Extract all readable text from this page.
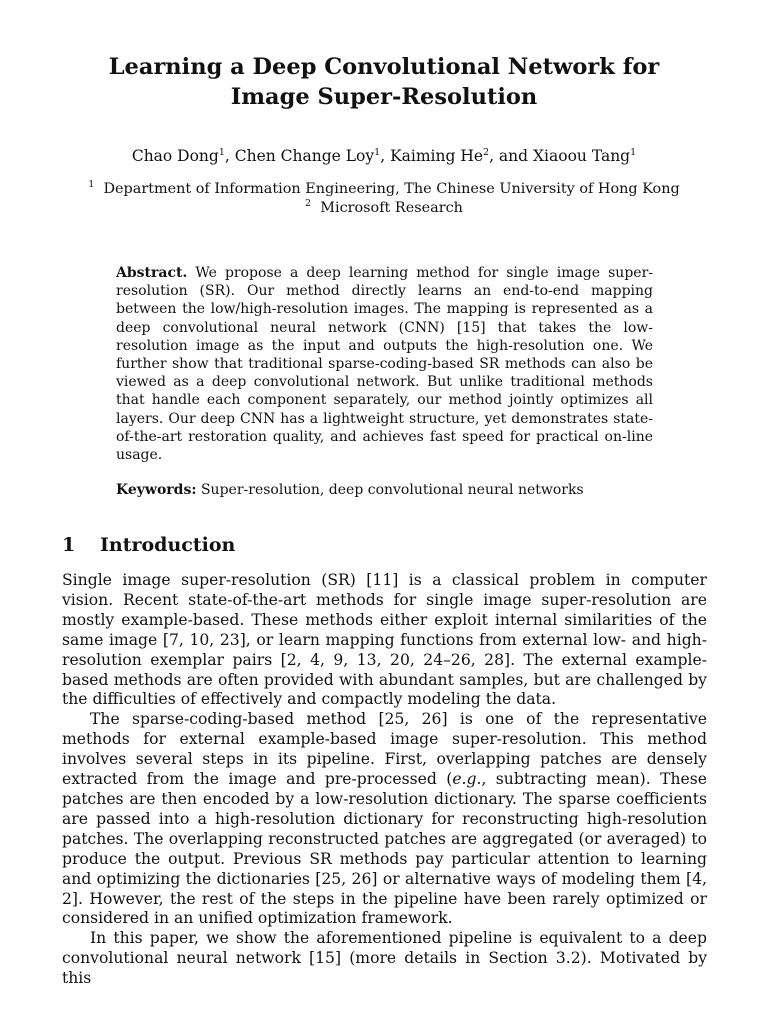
Learning a Deep Convolutional Network for
Image Super-Resolution
Chao Dong$^1$, Chen Change Loy$^1$, Kaiming He$^2$, and Xiaoou Tang$^1$
$^1$ Department of Information Engineering, The Chinese University of Hong Kong
$^2$ Microsoft Research
Abstract. We propose a deep learning method for single image super-resolution (SR). Our method directly learns an end-to-end mapping between the low/high-resolution images. The mapping is represented as a deep convolutional neural network (CNN) [15] that takes the low-resolution image as the input and outputs the high-resolution one. We further show that traditional sparse-coding-based SR methods can also be viewed as a deep convolutional network. But unlike traditional methods that handle each component separately, our method jointly optimizes all layers. Our deep CNN has a lightweight structure, yet demonstrates state-of-the-art restoration quality, and achieves fast speed for practical on-line usage.
Keywords: Super-resolution, deep convolutional neural networks
1 Introduction

Single image super-resolution (SR) [11] is a classical problem in computer vision. Recent state-of-the-art methods for single image super-resolution are mostly example-based. These methods either exploit internal similarities of the same image [7, 10, 23], or learn mapping functions from external low- and high-resolution exemplar pairs [2, 4, 9, 13, 20, 24–26, 28]. The external example-based methods are often provided with abundant samples, but are challenged by the difficulties of effectively and compactly modeling the data.

The sparse-coding-based method [25, 26] is one of the representative methods for external example-based image super-resolution. This method involves several steps in its pipeline. First, overlapping patches are densely extracted from the image and pre-processed (e.g., subtracting mean). These patches are then encoded by a low-resolution dictionary. The sparse coefficients are passed into a high-resolution dictionary for reconstructing high-resolution patches. The overlapping reconstructed patches are aggregated (or averaged) to produce the output. Previous SR methods pay particular attention to learning and optimizing the dictionaries [25, 26] or alternative ways of modeling them [4, 2]. However, the rest of the steps in the pipeline have been rarely optimized or considered in an unified optimization framework.

In this paper, we show the aforementioned pipeline is equivalent to a deep convolutional neural network [15] (more details in Section 3.2). Motivated by this
